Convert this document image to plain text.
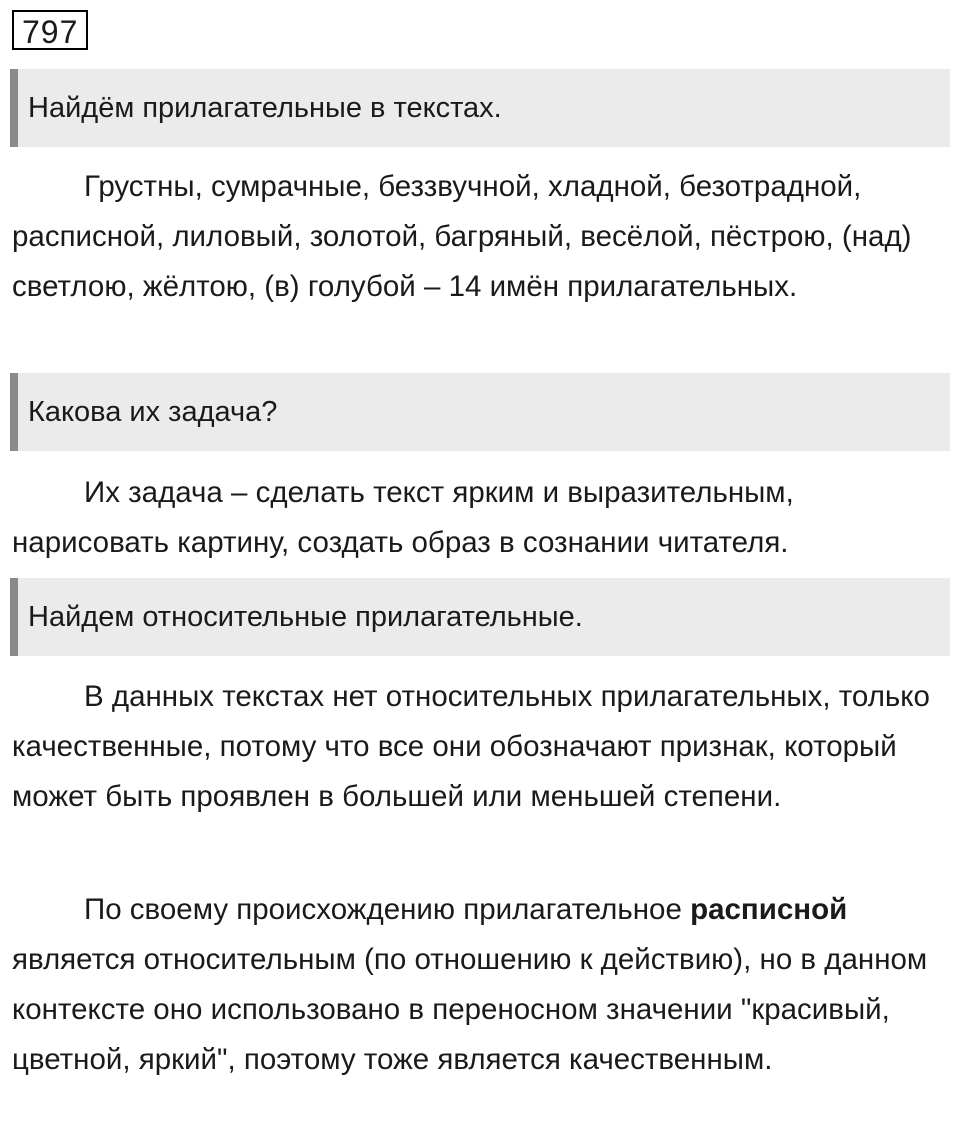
797
Найдём прилагательные в текстах.

Грустны, сумрачные, беззвучной, хладной, безотрадной, расписной, лиловый, золотой, багряный, весёлой, пёстрою, (над) светлою, жёлтою, (в) голубой – 14 имён прилагательных.

Какова их задача?

Их задача – сделать текст ярким и выразительным, нарисовать картину, создать образ в сознании читателя.

Найдем относительные прилагательные.

В данных текстах нет относительных прилагательных, только качественные, потому что все они обозначают признак, который может быть проявлен в большей или меньшей степени.

По своему происхождению прилагательное расписной является относительным (по отношению к действию), но в данном контексте оно использовано в переносном значении "красивый, цветной, яркий", поэтому тоже является качественным.
